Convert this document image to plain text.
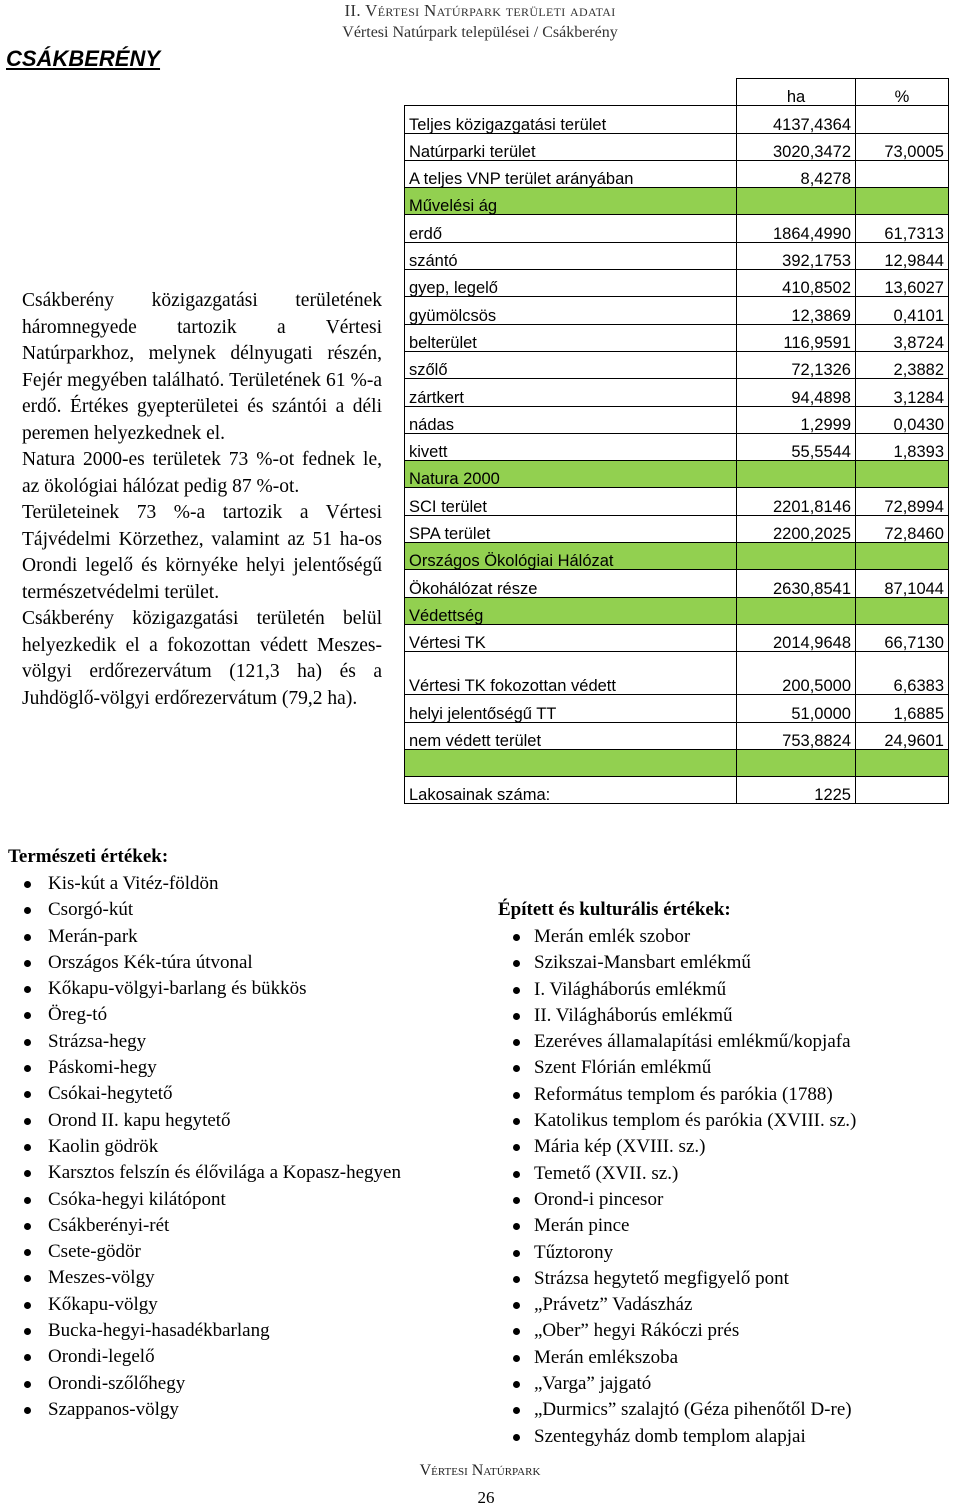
II. Vértesi Natúrpark területi adatai
Vértesi Natúrpark települései / Csákberény
CSÁKBERÉNY

Csákberény közigazgatási területének háromnegyede tartozik a Vértesi Natúrparkhoz, melynek délnyugati részén, Fejér megyében található. Területének 61 %-a erdő. Értékes gyepterületei és szántói a déli peremen helyezkednek el.

Natura 2000-es területek 73 %-ot fednek le, az ökológiai hálózat pedig 87 %-ot.

Területeinek 73 %-a tartozik a Vértesi Tájvédelmi Körzethez, valamint az 51 ha-os Orondi legelő és környéke helyi jelentőségű természetvédelmi terület.

Csákberény közigazgatási területén belül helyezkedik el a fokozottan védett Meszes-völgyi erdőrezervátum (121,3 ha) és a Juhdöglő-völgyi erdőrezervátum (79,2 ha).

	ha	%
Teljes közigazgatási terület	4137,4364	
Natúrparki terület	3020,3472	73,0005
A teljes VNP terület arányában	8,4278	
Művelési ág		
erdő	1864,4990	61,7313
szántó	392,1753	12,9844
gyep, legelő	410,8502	13,6027
gyümölcsös	12,3869	0,4101
belterület	116,9591	3,8724
szőlő	72,1326	2,3882
zártkert	94,4898	3,1284
nádas	1,2999	0,0430
kivett	55,5544	1,8393
Natura 2000		
SCI terület	2201,8146	72,8994
SPA terület	2200,2025	72,8460
Országos Ökológiai Hálózat		
Ökohálózat része	2630,8541	87,1044
Védettség		
Vértesi TK	2014,9648	66,7130
Vértesi TK fokozottan védett	200,5000	6,6383
helyi jelentőségű TT	51,0000	1,6885
nem védett terület	753,8824	24,9601

Lakosainak száma:	1225	
Természeti értékek:
Kis-kút a Vitéz-földön
Csorgó-kút
Merán-park
Országos Kék-túra útvonal
Kőkapu-völgyi-barlang és bükkös
Öreg-tó
Strázsa-hegy
Páskomi-hegy
Csókai-hegytető
Orond II. kapu hegytető
Kaolin gödrök
Karsztos felszín és élővilága a Kopasz-hegyen
Csóka-hegyi kilátópont
Csákberényi-rét
Csete-gödör
Meszes-völgy
Kőkapu-völgy
Bucka-hegyi-hasadékbarlang
Orondi-legelő
Orondi-szőlőhegy
Szappanos-völgy
Épített és kulturális értékek:
Merán emlék szobor
Szikszai-Mansbart emlékmű
I. Világháborús emlékmű
II. Világháborús emlékmű
Ezeréves államalapítási emlékmű/kopjafa
Szent Flórián emlékmű
Református templom és parókia (1788)
Katolikus templom és parókia (XVIII. sz.)
Mária kép (XVIII. sz.)
Temető (XVII. sz.)
Orond-i pincesor
Merán pince
Tűztorony
Strázsa hegytető megfigyelő pont
„Právetz” Vadászház
„Ober” hegyi Rákóczi prés
Merán emlékszoba
„Varga” jajgató
„Durmics” szalajtó (Géza pihenőtől D-re)
Szentegyház domb templom alapjai
Vértesi Natúrpark
26
